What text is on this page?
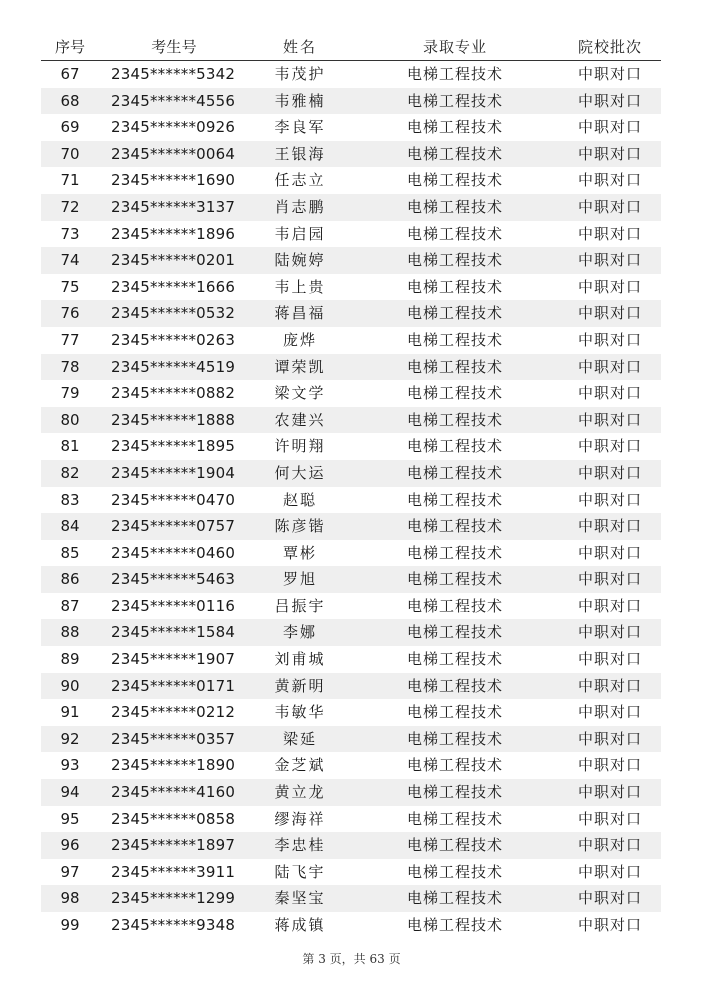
序号	考生号	姓名	录取专业	院校批次
67	2345******5342	韦茂护	电梯工程技术	中职对口
68	2345******4556	韦雅楠	电梯工程技术	中职对口
69	2345******0926	李良军	电梯工程技术	中职对口
70	2345******0064	王银海	电梯工程技术	中职对口
71	2345******1690	任志立	电梯工程技术	中职对口
72	2345******3137	肖志鹏	电梯工程技术	中职对口
73	2345******1896	韦启园	电梯工程技术	中职对口
74	2345******0201	陆婉婷	电梯工程技术	中职对口
75	2345******1666	韦上贵	电梯工程技术	中职对口
76	2345******0532	蒋昌福	电梯工程技术	中职对口
77	2345******0263	庞烨	电梯工程技术	中职对口
78	2345******4519	谭荣凯	电梯工程技术	中职对口
79	2345******0882	梁文学	电梯工程技术	中职对口
80	2345******1888	农建兴	电梯工程技术	中职对口
81	2345******1895	许明翔	电梯工程技术	中职对口
82	2345******1904	何大运	电梯工程技术	中职对口
83	2345******0470	赵聪	电梯工程技术	中职对口
84	2345******0757	陈彦锴	电梯工程技术	中职对口
85	2345******0460	覃彬	电梯工程技术	中职对口
86	2345******5463	罗旭	电梯工程技术	中职对口
87	2345******0116	吕振宇	电梯工程技术	中职对口
88	2345******1584	李娜	电梯工程技术	中职对口
89	2345******1907	刘甫城	电梯工程技术	中职对口
90	2345******0171	黄新明	电梯工程技术	中职对口
91	2345******0212	韦敏华	电梯工程技术	中职对口
92	2345******0357	梁延	电梯工程技术	中职对口
93	2345******1890	金芝斌	电梯工程技术	中职对口
94	2345******4160	黄立龙	电梯工程技术	中职对口
95	2345******0858	缪海祥	电梯工程技术	中职对口
96	2345******1897	李忠桂	电梯工程技术	中职对口
97	2345******3911	陆飞宇	电梯工程技术	中职对口
98	2345******1299	秦坚宝	电梯工程技术	中职对口
99	2345******9348	蒋成镇	电梯工程技术	中职对口
第 3 页，共 63 页
